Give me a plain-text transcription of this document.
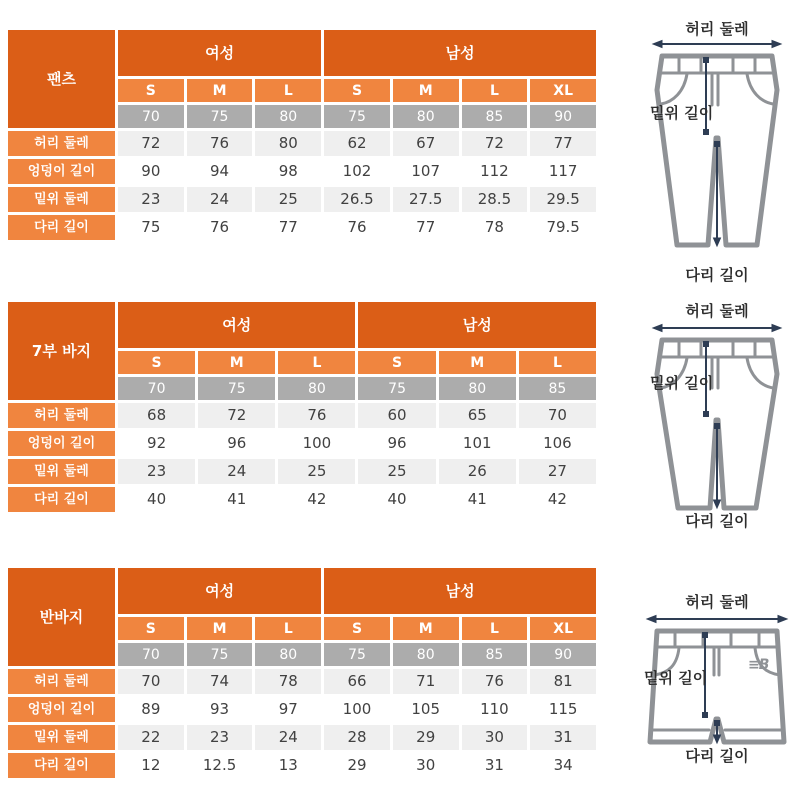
팬츠
여성	남성
S	M	L	S	M	L	XL
70	75	80	75	80	85	90
허리 둘레	72	76	80	62	67	72	77
엉덩이 길이	90	94	98	102	107	112	117
밑위 둘레	23	24	25	26.5	27.5	28.5	29.5
다리 길이	75	76	77	76	77	78	79.5
7부 바지
여성	남성
S	M	L	S	M	L
70	75	80	75	80	85
허리 둘레	68	72	76	60	65	70
엉덩이 길이	92	96	100	96	101	106
밑위 둘레	23	24	25	25	26	27
다리 길이	40	41	42	40	41	42
반바지
여성	남성
S	M	L	S	M	L	XL
70	75	80	75	80	85	90
허리 둘레	70	74	78	66	71	76	81
엉덩이 길이	89	93	97	100	105	110	115
밑위 둘레	22	23	24	28	29	30	31
다리 길이	12	12.5	13	29	30	31	34
허리 둘레
밑위 길이
다리 길이
허리 둘레
밑위 길이
다리 길이
허리 둘레
밑위 길이
≡B
다리 길이
